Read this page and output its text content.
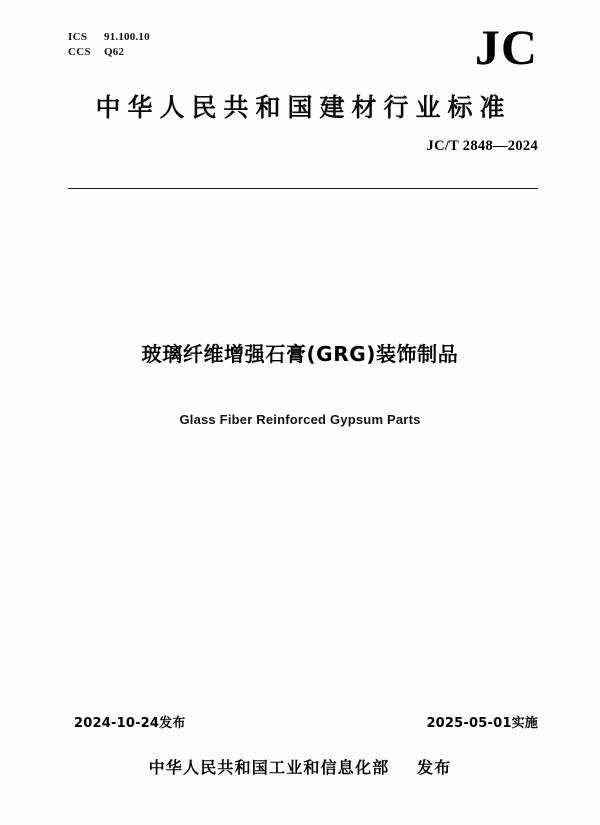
ICS	91.100.10
CCS	Q62	JC
中华人民共和国建材行业标准
JC/T 2848—2024
玻璃纤维增强石膏(GRG)装饰制品
Glass Fiber Reinforced Gypsum Parts
2024-10-24发布	2025-05-01实施
中华人民共和国工业和信息化部 发布
